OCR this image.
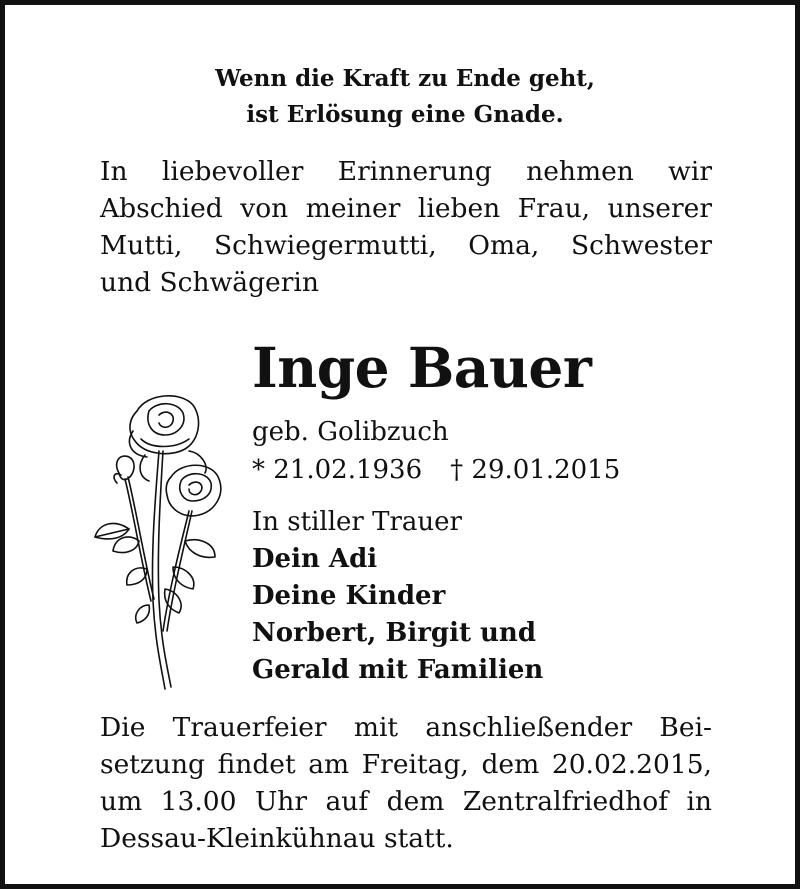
Wenn die Kraft zu Ende geht,
ist Erlösung eine Gnade.
In liebevoller Erinnerung nehmen wir
Abschied von meiner lieben Frau, unserer
Mutti, Schwiegermutti, Oma, Schwester
und Schwägerin
Inge Bauer
geb. Golibzuch
* 21.02.1936 † 29.01.2015
In stiller Trauer
Dein Adi
Deine Kinder
Norbert, Birgit und
Gerald mit Familien
Die Trauerfeier mit anschließender Bei-
setzung findet am Freitag, dem 20.02.2015,
um 13.00 Uhr auf dem Zentralfriedhof in
Dessau-Kleinkühnau statt.
